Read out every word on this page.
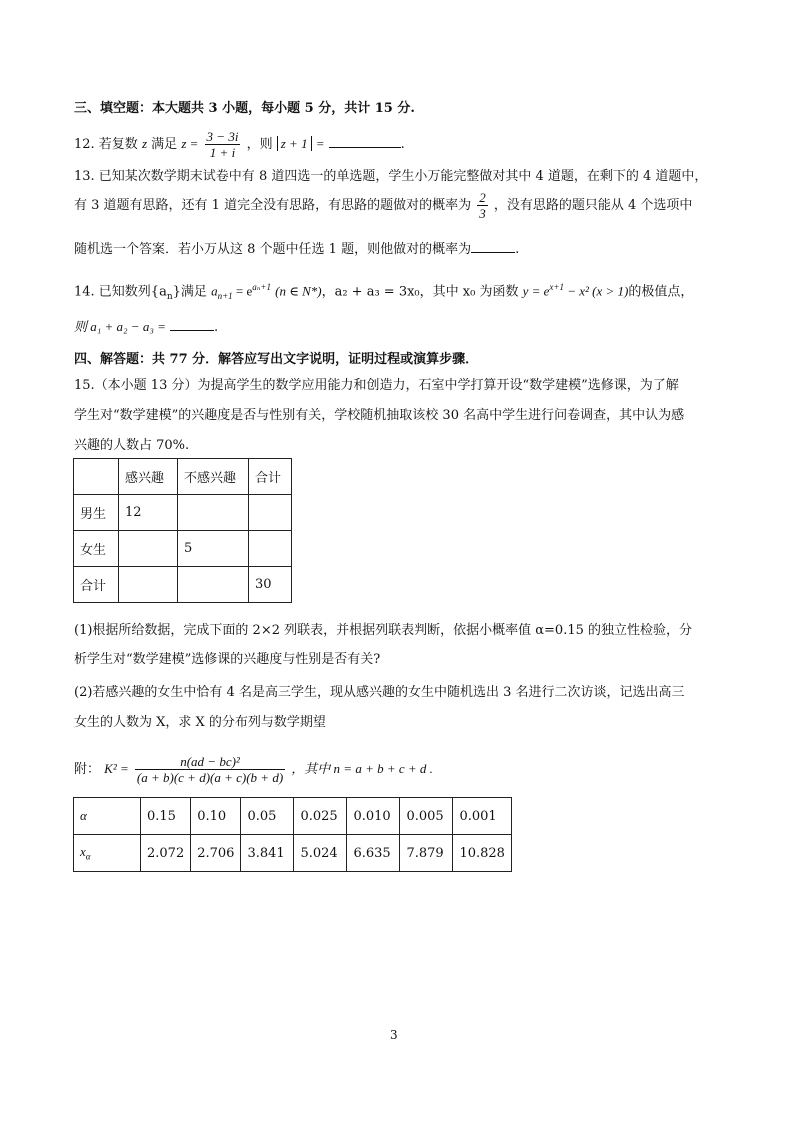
三、填空题：本大题共 3 小题，每小题 5 分，共计 15 分.
12. 若复数 z 满足 $z = \frac{3 - 3i}{1 + i}$ ，则 z + 1 =	.
13. 已知某次数学期末试卷中有 8 道四选一的单选题，学生小万能完整做对其中 4 道题，在剩下的 4 道题中，
有 3 道题有思路，还有 1 道完全没有思路，有思路的题做对的概率为 $\frac{2}{3}$ ，没有思路的题只能从 4 个选项中
随机选一个答案．若小万从这 8 个题中任选 1 题，则他做对的概率为	.
14. 已知数列$\{a_n\}$满足 $a_{n+1} = e^{a_n+1}$ (n ∈ N*)，a₂ + a₃ = 3x₀，其中 x₀ 为函数 $y = e^{x+1} - x^2$ (x > 1)的极值点，
则 a₁ + a₂ − a₃ =	.
四、解答题：共 77 分．解答应写出文字说明，证明过程或演算步骤．
15.（本小题 13 分）为提高学生的数学应用能力和创造力，石室中学打算开设“数学建模”选修课，为了解
学生对“数学建模”的兴趣度是否与性别有关，学校随机抽取该校 30 名高中学生进行问卷调查，其中认为感
兴趣的人数占 70%.
	感兴趣	不感兴趣	合计
男生	12		
女生		5	
合计			30
(1)根据所给数据，完成下面的 2×2 列联表，并根据列联表判断，依据小概率值 α=0.15 的独立性检验，分
析学生对“数学建模”选修课的兴趣度与性别是否有关?
(2)若感兴趣的女生中恰有 4 名是高三学生，现从感兴趣的女生中随机选出 3 名进行二次访谈，记选出高三
女生的人数为 X，求 X 的分布列与数学期望
附： $K^2 = \frac{\text{n(ad − bc)²}}{(a + b)(c + d)(a + c)(b + d)}$ ，其中 n = a + b + c + d .
α	0.15	0.10	0.05	0.025	0.010	0.005	0.001
$x_\alpha$	2.072	2.706	3.841	5.024	6.635	7.879	10.828
3
